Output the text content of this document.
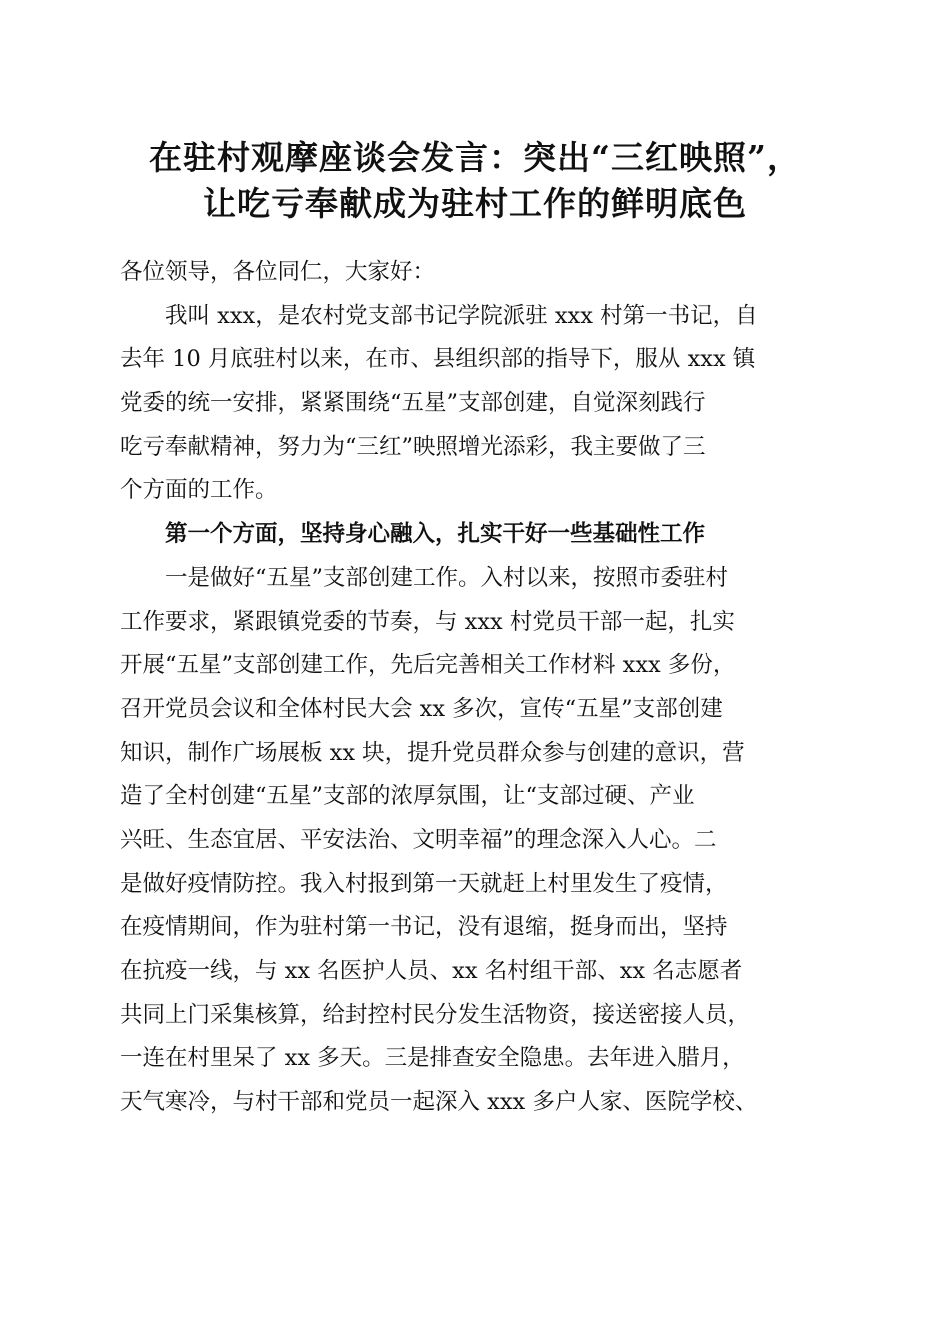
在驻村观摩座谈会发言：突出“三红映照”，
让吃亏奉献成为驻村工作的鲜明底色
各位领导，各位同仁，大家好：
我叫 xxx，是农村党支部书记学院派驻 xxx 村第一书记，自
去年 10 月底驻村以来，在市、县组织部的指导下，服从 xxx 镇
党委的统一安排，紧紧围绕“五星”支部创建，自觉深刻践行
吃亏奉献精神，努力为“三红”映照增光添彩，我主要做了三
个方面的工作。
第一个方面，坚持身心融入，扎实干好一些基础性工作
一是做好“五星”支部创建工作。入村以来，按照市委驻村
工作要求，紧跟镇党委的节奏，与 xxx 村党员干部一起，扎实
开展“五星”支部创建工作，先后完善相关工作材料 xxx 多份，
召开党员会议和全体村民大会 xx 多次，宣传“五星”支部创建
知识，制作广场展板 xx 块，提升党员群众参与创建的意识，营
造了全村创建“五星”支部的浓厚氛围，让“支部过硬、产业
兴旺、生态宜居、平安法治、文明幸福”的理念深入人心。二
是做好疫情防控。我入村报到第一天就赶上村里发生了疫情，
在疫情期间，作为驻村第一书记，没有退缩，挺身而出，坚持
在抗疫一线，与 xx 名医护人员、xx 名村组干部、xx 名志愿者
共同上门采集核算，给封控村民分发生活物资，接送密接人员，
一连在村里呆了 xx 多天。三是排查安全隐患。去年进入腊月，
天气寒冷，与村干部和党员一起深入 xxx 多户人家、医院学校、
